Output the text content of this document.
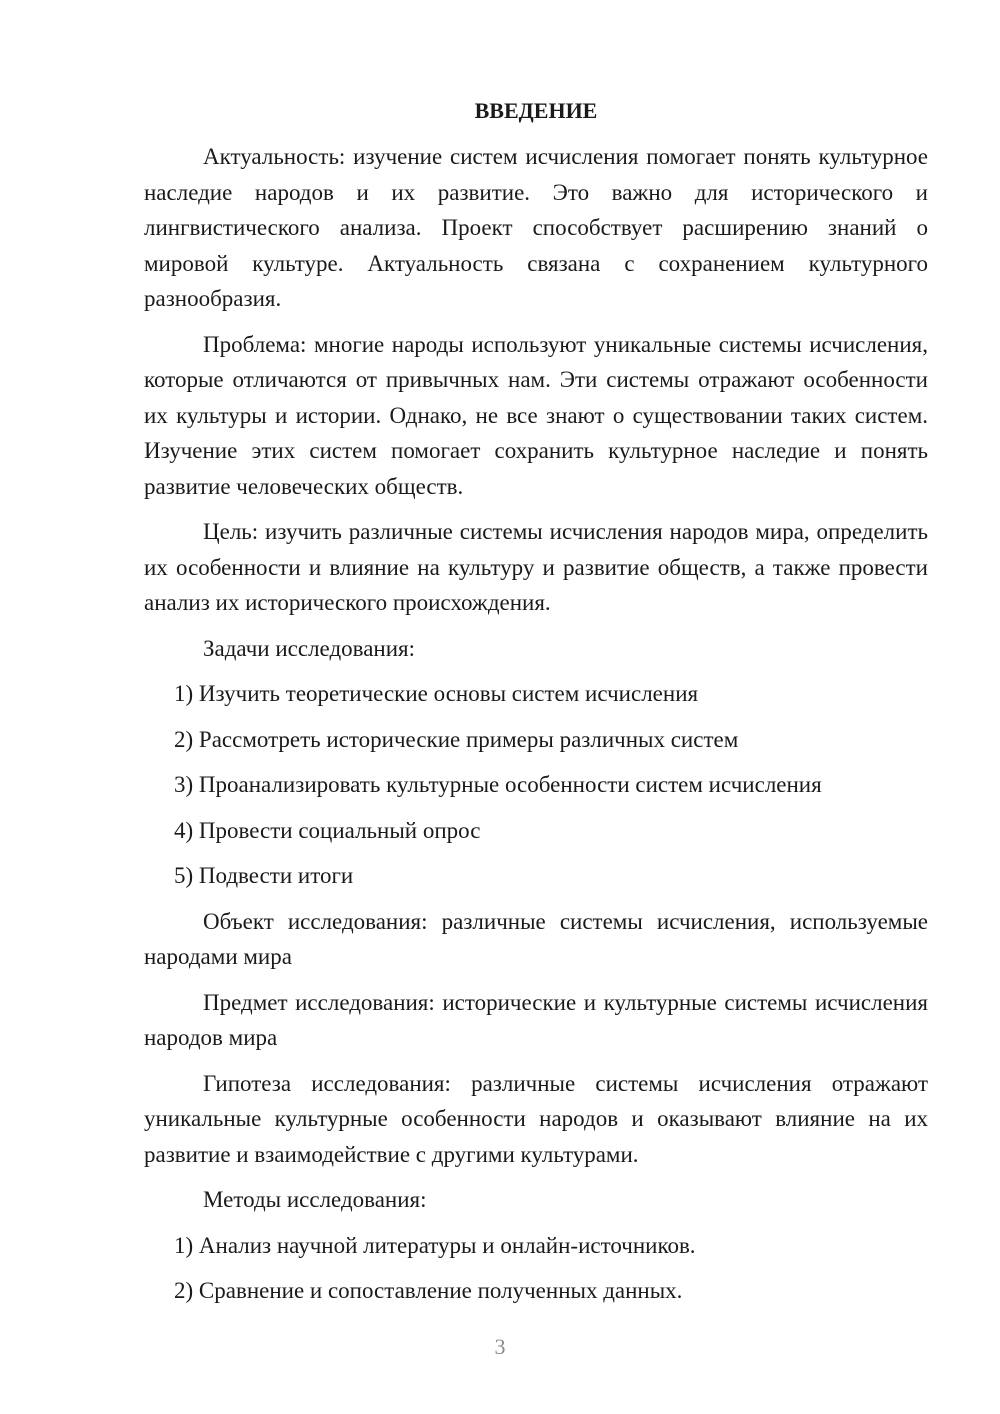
ВВЕДЕНИЕ

Актуальность: изучение систем исчисления помогает понять культурное наследие народов и их развитие. Это важно для исторического и лингвистического анализа. Проект способствует расширению знаний о мировой культуре. Актуальность связана с сохранением культурного разнообразия.

Проблема: многие народы используют уникальные системы исчисления, которые отличаются от привычных нам. Эти системы отражают особенности их культуры и истории. Однако, не все знают о существовании таких систем. Изучение этих систем помогает сохранить культурное наследие и понять развитие человеческих обществ.

Цель: изучить различные системы исчисления народов мира, определить их особенности и влияние на культуру и развитие обществ, а также провести анализ их исторического происхождения.

Задачи исследования:

1) Изучить теоретические основы систем исчисления

2) Рассмотреть исторические примеры различных систем

3) Проанализировать культурные особенности систем исчисления

4) Провести социальный опрос

5) Подвести итоги

Объект исследования: различные системы исчисления, используемые народами мира

Предмет исследования: исторические и культурные системы исчисления народов мира

Гипотеза исследования: различные системы исчисления отражают уникальные культурные особенности народов и оказывают влияние на их развитие и взаимодействие с другими культурами.

Методы исследования:

1) Анализ научной литературы и онлайн-источников.

2) Сравнение и сопоставление полученных данных.

3
